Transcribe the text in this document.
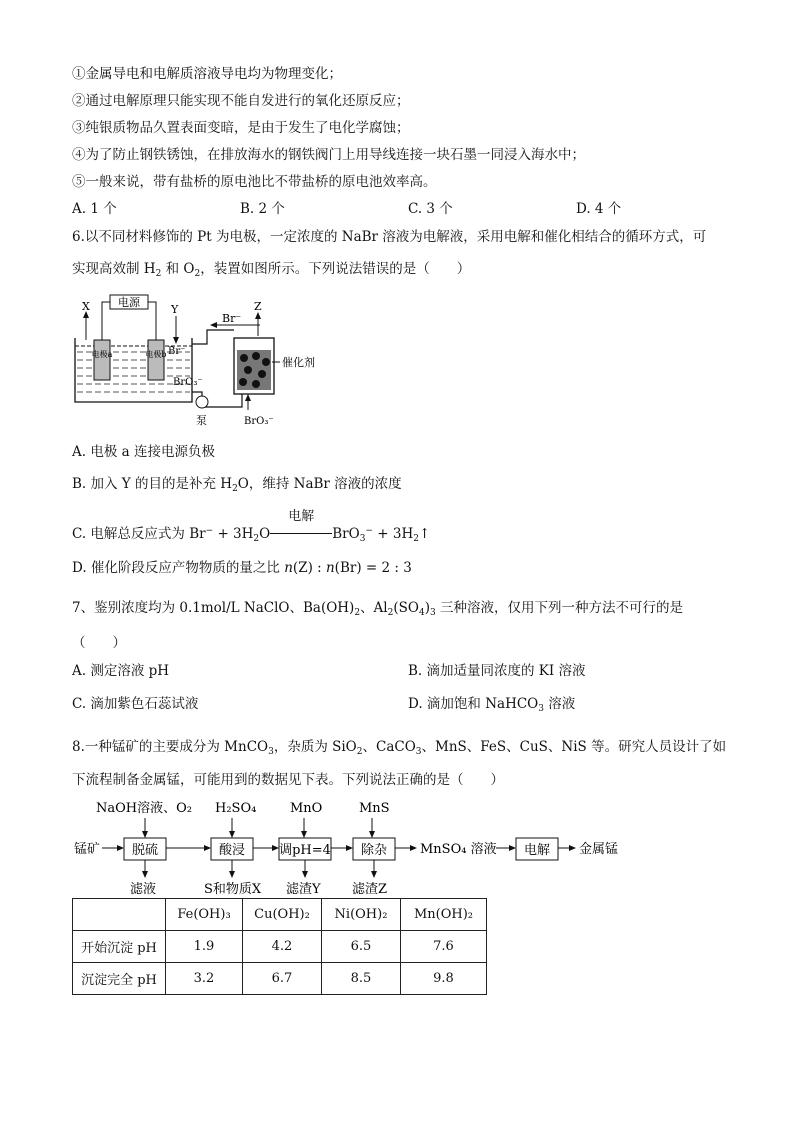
①金属导电和电解质溶液导电均为物理变化；
②通过电解原理只能实现不能自发进行的氧化还原反应；
③纯银质物品久置表面变暗，是由于发生了电化学腐蚀；
④为了防止钢铁锈蚀，在排放海水的钢铁阀门上用导线连接一块石墨一同浸入海水中；
⑤一般来说，带有盐桥的原电池比不带盐桥的原电池效率高。
A. 1 个	B. 2 个	C. 3 个	D. 4 个
6.以不同材料修饰的 Pt 为电极，一定浓度的 NaBr 溶液为电解液，采用电解和催化相结合的循环方式，可
实现高效制 $H_2$ 和 $O_2$，装置如图所示。下列说法错误的是（　　）
电源
X	Y
电极a	电极b
Br⁻
Br⁻
BrO₃⁻
Z
催化剂
泵	BrO₃⁻
A. 电极 a 连接电源负极
B. 加入 Y 的目的是补充 $H_2O$，维持 NaBr 溶液的浓度
C. 电解总反应式为 $Br^- + 3H_2O$
电解
$BrO_3^- + 3H_2↑$
D. 催化阶段反应产物物质的量之比 n(Z) : n(Br) = 2 : 3
7、鉴别浓度均为 0.1mol/L NaClO、$Ba(OH)_2$、$Al_2(SO_4)_3$ 三种溶液，仅用下列一种方法不可行的是
（　　）
A. 测定溶液 pH	B. 滴加适量同浓度的 KI 溶液
C. 滴加紫色石蕊试液	D. 滴加饱和 NaHCO$_3$ 溶液
8.一种锰矿的主要成分为 MnCO$_3$，杂质为 SiO$_2$、CaCO$_3$、MnS、FeS、CuS、NiS 等。研究人员设计了如
下流程制备金属锰，可能用到的数据见下表。下列说法正确的是（　　）
NaOH溶液、O₂ H₂SO₄	MnO	MnS
锰矿 脱硫	酸浸	调pH=4 除杂	MnSO₄ 溶液 电解 金属锰
滤液	S和物质X 滤渣Y 滤渣Z
	Fe(OH)₃	Cu(OH)₂	Ni(OH)₂	Mn(OH)₂
开始沉淀 pH	1.9	4.2	6.5	7.6
沉淀完全 pH	3.2	6.7	8.5	9.8
